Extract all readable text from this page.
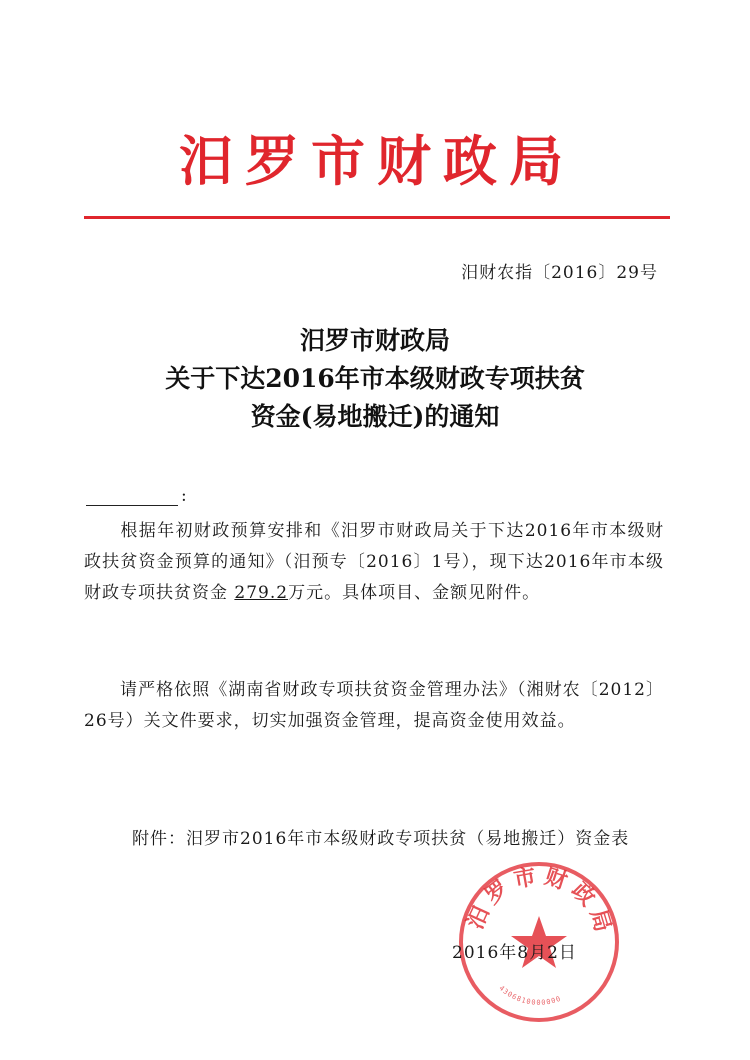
汨罗市财政局
汨财农指〔2016〕29号
汨罗市财政局
关于下达2016年市本级财政专项扶贫
资金(易地搬迁)的通知
:
根据年初财政预算安排和《汨罗市财政局关于下达2016年市本级财政扶贫资金预算的通知》（汨预专〔2016〕1号），现下达2016年市本级财政专项扶贫资金 279.2万元。具体项目、金额见附件。
请严格依照《湖南省财政专项扶贫资金管理办法》（湘财农〔2012〕26号）关文件要求，切实加强资金管理，提高资金使用效益。
附件：汨罗市2016年市本级财政专项扶贫（易地搬迁）资金表
汨罗市财政局
4306810000000
2016年8月2日
